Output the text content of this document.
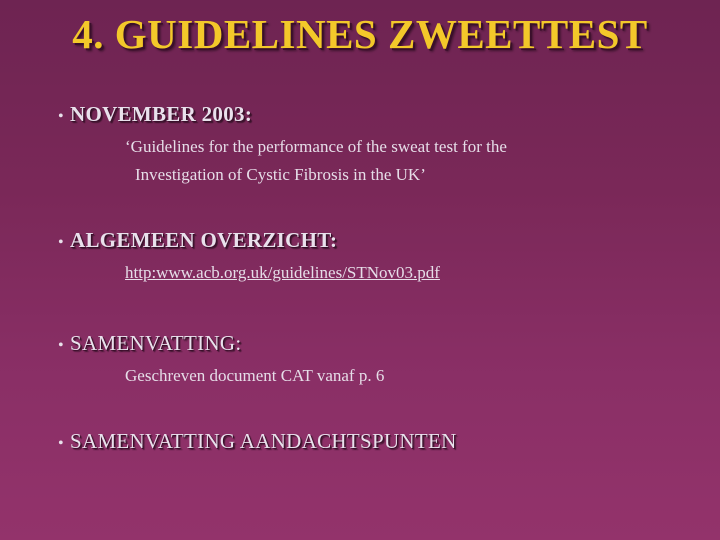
4. GUIDELINES ZWEETTEST
• NOVEMBER 2003:
‘Guidelines for the performance of the sweat test for the
Investigation of Cystic Fibrosis in the UK’
• ALGEMEEN OVERZICHT:
http:www.acb.org.uk/guidelines/STNov03.pdf
• SAMENVATTING:
Geschreven document CAT vanaf p. 6
• SAMENVATTING AANDACHTSPUNTEN
